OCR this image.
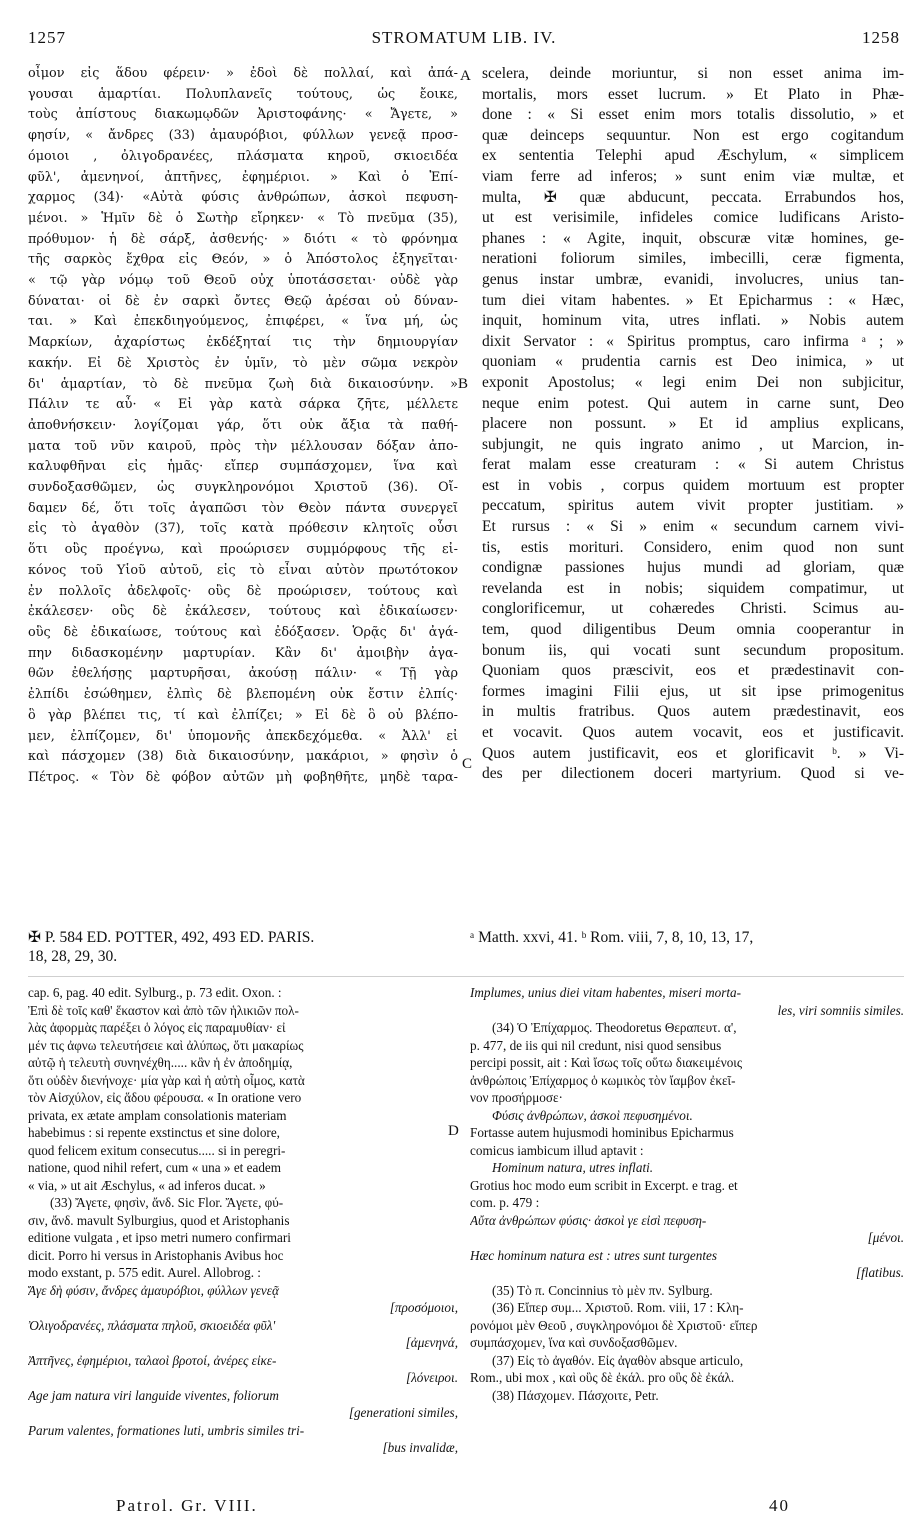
1257	STROMATUM LIB. IV.	1258
οἶμον εἰς ἅδου φέρειν· » ἐδοὶ δὲ πολλαί, καὶ ἀπά-
γουσαι ἁμαρτίαι. Πολυπλανεῖς τούτους, ὡς ἔοικε,
τοὺς ἀπίστους διακωμῳδῶν Ἀριστοφάνης· « Ἄγετε, »
φησίν, « ἄνδρες (33) ἀμαυρόβιοι, φύλλων γενεᾷ προσ-
όμοιοι , ὀλιγοδρανέες, πλάσματα κηροῦ, σκιοειδέα
φῦλ', ἀμενηνοί, ἀπτῆνες, ἐφημέριοι. » Καὶ ὁ Ἐπί-
χαρμος (34)· «Αὐτὰ φύσις ἀνθρώπων, ἀσκοὶ πεφυση-
μένοι. » Ἡμῖν δὲ ὁ Σωτὴρ εἴρηκεν· « Τὸ πνεῦμα (35),
πρόθυμον· ἡ δὲ σάρξ, ἀσθενής· » διότι « τὸ φρόνημα
τῆς σαρκὸς ἔχθρα εἰς Θεόν, » ὁ Ἀπόστολος ἐξηγεῖται·
« τῷ γὰρ νόμῳ τοῦ Θεοῦ οὐχ ὑποτάσσεται· οὐδὲ γὰρ
δύναται· οἱ δὲ ἐν σαρκὶ ὄντες Θεῷ ἀρέσαι οὐ δύναν-
ται. » Καὶ ἐπεκδιηγούμενος, ἐπιφέρει, « ἵνα μή, ὡς
Μαρκίων, ἀχαρίστως ἐκδέξηταί τις τὴν δημιουργίαν
κακήν. Εἰ δὲ Χριστὸς ἐν ὑμῖν, τὸ μὲν σῶμα νεκρὸν
δι' ἁμαρτίαν, τὸ δὲ πνεῦμα ζωὴ διὰ δικαιοσύνην. »
Πάλιν τε αὖ· « Εἰ γὰρ κατὰ σάρκα ζῆτε, μέλλετε
ἀποθνήσκειν· λογίζομαι γάρ, ὅτι οὐκ ἄξια τὰ παθή-
ματα τοῦ νῦν καιροῦ, πρὸς τὴν μέλλουσαν δόξαν ἀπο-
καλυφθῆναι εἰς ἡμᾶς· εἴπερ συμπάσχομεν, ἵνα καὶ
συνδοξασθῶμεν, ὡς συγκληρονόμοι Χριστοῦ (36). Οἴ-
δαμεν δέ, ὅτι τοῖς ἀγαπῶσι τὸν Θεὸν πάντα συνεργεῖ
εἰς τὸ ἀγαθὸν (37), τοῖς κατὰ πρόθεσιν κλητοῖς οὖσι
ὅτι οὓς προέγνω, καὶ προώρισεν συμμόρφους τῆς εἰ-
κόνος τοῦ Υἱοῦ αὐτοῦ, εἰς τὸ εἶναι αὐτὸν πρωτότοκον
ἐν πολλοῖς ἀδελφοῖς· οὓς δὲ προώρισεν, τούτους καὶ
ἐκάλεσεν· οὓς δὲ ἐκάλεσεν, τούτους καὶ ἐδικαίωσεν·
οὓς δὲ ἐδικαίωσε, τούτους καὶ ἐδόξασεν. Ὁρᾷς δι' ἀγά-
πην διδασκομένην μαρτυρίαν. Κἂν δι' ἀμοιβὴν ἀγα-
θῶν ἐθελήσῃς μαρτυρῆσαι, ἀκούσῃ πάλιν· « Τῇ γὰρ
ἐλπίδι ἐσώθημεν, ἐλπὶς δὲ βλεπομένη οὐκ ἔστιν ἐλπίς·
ὃ γὰρ βλέπει τις, τί καὶ ἐλπίζει; » Εἰ δὲ ὃ οὐ βλέπο-
μεν, ἐλπίζομεν, δι' ὑπομονῆς ἀπεκδεχόμεθα. « Ἀλλ' εἰ
καὶ πάσχομεν (38) διὰ δικαιοσύνην, μακάριοι, » φησὶν ὁ
Πέτρος. « Τὸν δὲ φόβον αὐτῶν μὴ φοβηθῆτε, μηδὲ ταρα-
scelera, deinde moriuntur, si non esset anima im-
mortalis, mors esset lucrum. » Et Plato in Phæ-
done : « Si esset enim mors totalis dissolutio, » et
quæ deinceps sequuntur. Non est ergo cogitandum
ex sententia Telephi apud Æschylum, « simplicem
viam ferre ad inferos; » sunt enim viæ multæ, et
multa, ✠ quæ abducunt, peccata. Errabundos hos,
ut est verisimile, infideles comice ludificans Aristo-
phanes : « Agite, inquit, obscuræ vitæ homines, ge-
nerationi foliorum similes, imbecilli, ceræ figmenta,
genus instar umbræ, evanidi, involucres, unius tan-
tum diei vitam habentes. » Et Epicharmus : « Hæc,
inquit, hominum vita, utres inflati. » Nobis autem
dixit Servator : « Spiritus promptus, caro infirma ᵃ ; »
quoniam « prudentia carnis est Deo inimica, » ut
exponit Apostolus; « legi enim Dei non subjicitur,
neque enim potest. Qui autem in carne sunt, Deo
placere non possunt. » Et id amplius explicans,
subjungit, ne quis ingrato animo , ut Marcion, in-
ferat malam esse creaturam : « Si autem Christus
est in vobis , corpus quidem mortuum est propter
peccatum, spiritus autem vivit propter justitiam. »
Et rursus : « Si » enim « secundum carnem vivi-
tis, estis morituri. Considero, enim quod non sunt
condignæ passiones hujus mundi ad gloriam, quæ
revelanda est in nobis; siquidem compatimur, ut
conglorificemur, ut cohæredes Christi. Scimus au-
tem, quod diligentibus Deum omnia cooperantur in
bonum iis, qui vocati sunt secundum propositum.
Quoniam quos præscivit, eos et prædestinavit con-
formes imagini Filii ejus, ut sit ipse primogenitus
in multis fratribus. Quos autem prædestinavit, eos
et vocavit. Quos autem vocavit, eos et justificavit.
Quos autem justificavit, eos et glorificavit ᵇ. » Vi-
des per dilectionem doceri martyrium. Quod si ve-
A
B
C
D
✠ P. 584 ED. POTTER, 492, 493 ED. PARIS.
18, 28, 29, 30.
ᵃ Matth. xxvi, 41. ᵇ Rom. viii, 7, 8, 10, 13, 17,
cap. 6, pag. 40 edit. Sylburg., p. 73 edit. Oxon. :
Ἐπὶ δὲ τοῖς καθ' ἕκαστον καὶ ἀπὸ τῶν ἡλικιῶν πολ-
λὰς ἀφορμὰς παρέξει ὁ λόγος εἰς παραμυθίαν· εἰ
μέν τις ἀφνω τελευτήσειε καὶ ἀλύπως, ὅτι μακαρίως
αὐτῷ ἡ τελευτὴ συνηνέχθη..... κἂν ἡ ἐν ἀποδημίᾳ,
ὅτι οὐδὲν διενήνοχε· μία γὰρ καὶ ἡ αὐτὴ οἶμος, κατὰ
τὸν Αἰσχύλον, εἰς ἅδου φέρουσα. « In oratione vero
privata, ex ætate amplam consolationis materiam
habebimus : si repente exstinctus et sine dolore,
quod felicem exitum consecutus..... si in peregri-
natione, quod nihil refert, cum « una » et eadem
« via, » ut ait Æschylus, « ad inferos ducat. »
(33) Ἄγετε, φησὶν, ἄνδ. Sic Flor. Ἄγετε, φύ-
σιν, ἄνδ. mavult Sylburgius, quod et Aristophanis
editione vulgata , et ipso metri numero confirmari
dicit. Porro hi versus in Aristophanis Avibus hoc
modo exstant, p. 575 edit. Aurel. Allobrog. :
Ἄγε δὴ φύσιν, ἄνδρες ἀμαυρόβιοι, φύλλων γενεᾷ
[προσόμοιοι,
Ὀλιγοδρανέες, πλάσματα πηλοῦ, σκιοειδέα φῦλ'
[ἀμενηνά,
Ἀπτῆνες, ἐφημέριοι, ταλαοὶ βροτοί, ἀνέρες εἰκε-
[λόνειροι.
Age jam natura viri languide viventes, foliorum
[generationi similes,
Parum valentes, formationes luti, umbris similes tri-
[bus invalidæ,
Implumes, unius diei vitam habentes, miseri morta-
les, viri somniis similes.
(34) Ὁ Ἐπίχαρμος. Theodoretus Θεραπευτ. α',
p. 477, de iis qui nil credunt, nisi quod sensibus
percipi possit, ait : Καὶ ἴσως τοῖς οὕτω διακειμένοις
ἀνθρώποις Ἐπίχαρμος ὁ κωμικὸς τὸν ἴαμβον ἐκεῖ-
νον προσήρμοσε·
Φύσις ἀνθρώπων, ἀσκοὶ πεφυσημένοι.
Fortasse autem hujusmodi hominibus Epicharmus
comicus iambicum illud aptavit :
Hominum natura, utres inflati.
Grotius hoc modo eum scribit in Excerpt. e trag. et
com. p. 479 :
Αὔτα ἀνθρώπων φύσις· ἀσκοὶ γε εἰσὶ πεφυση-
[μένοι.
Hæc hominum natura est : utres sunt turgentes
[flatibus.
(35) Τὸ π. Concinnius τὸ μὲν πν. Sylburg.
(36) Εἴπερ συμ... Χριστοῦ. Rom. viii, 17 : Κλη-
ρονόμοι μὲν Θεοῦ , συγκληρονόμοι δὲ Χριστοῦ· εἴπερ
συμπάσχομεν, ἵνα καὶ συνδοξασθῶμεν.
(37) Εἰς τὸ ἀγαθόν. Εἰς ἀγαθὸν absque articulo,
Rom., ubi mox , καὶ οὓς δὲ ἐκάλ. pro οὓς δὲ ἐκάλ.
(38) Πάσχομεν. Πάσχοιτε, Petr.
Patrol. Gr. VIII.	40
